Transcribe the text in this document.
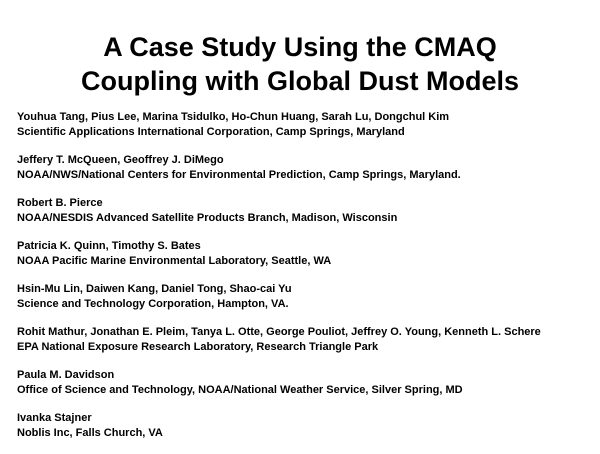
A Case Study Using the CMAQ
Coupling with Global Dust Models
Youhua Tang, Pius Lee, Marina Tsidulko, Ho-Chun Huang, Sarah Lu, Dongchul Kim
Scientific Applications International Corporation, Camp Springs, Maryland
Jeffery T. McQueen, Geoffrey J. DiMego
NOAA/NWS/National Centers for Environmental Prediction, Camp Springs, Maryland.
Robert B. Pierce
NOAA/NESDIS Advanced Satellite Products Branch, Madison, Wisconsin
Patricia K. Quinn, Timothy S. Bates
NOAA Pacific Marine Environmental Laboratory, Seattle, WA
Hsin-Mu Lin, Daiwen Kang, Daniel Tong, Shao-cai Yu
Science and Technology Corporation, Hampton, VA.
Rohit Mathur, Jonathan E. Pleim, Tanya L. Otte, George Pouliot, Jeffrey O. Young, Kenneth L. Schere
EPA National Exposure Research Laboratory, Research Triangle Park
Paula M. Davidson
Office of Science and Technology, NOAA/National Weather Service, Silver Spring, MD
Ivanka Stajner
Noblis Inc, Falls Church, VA
